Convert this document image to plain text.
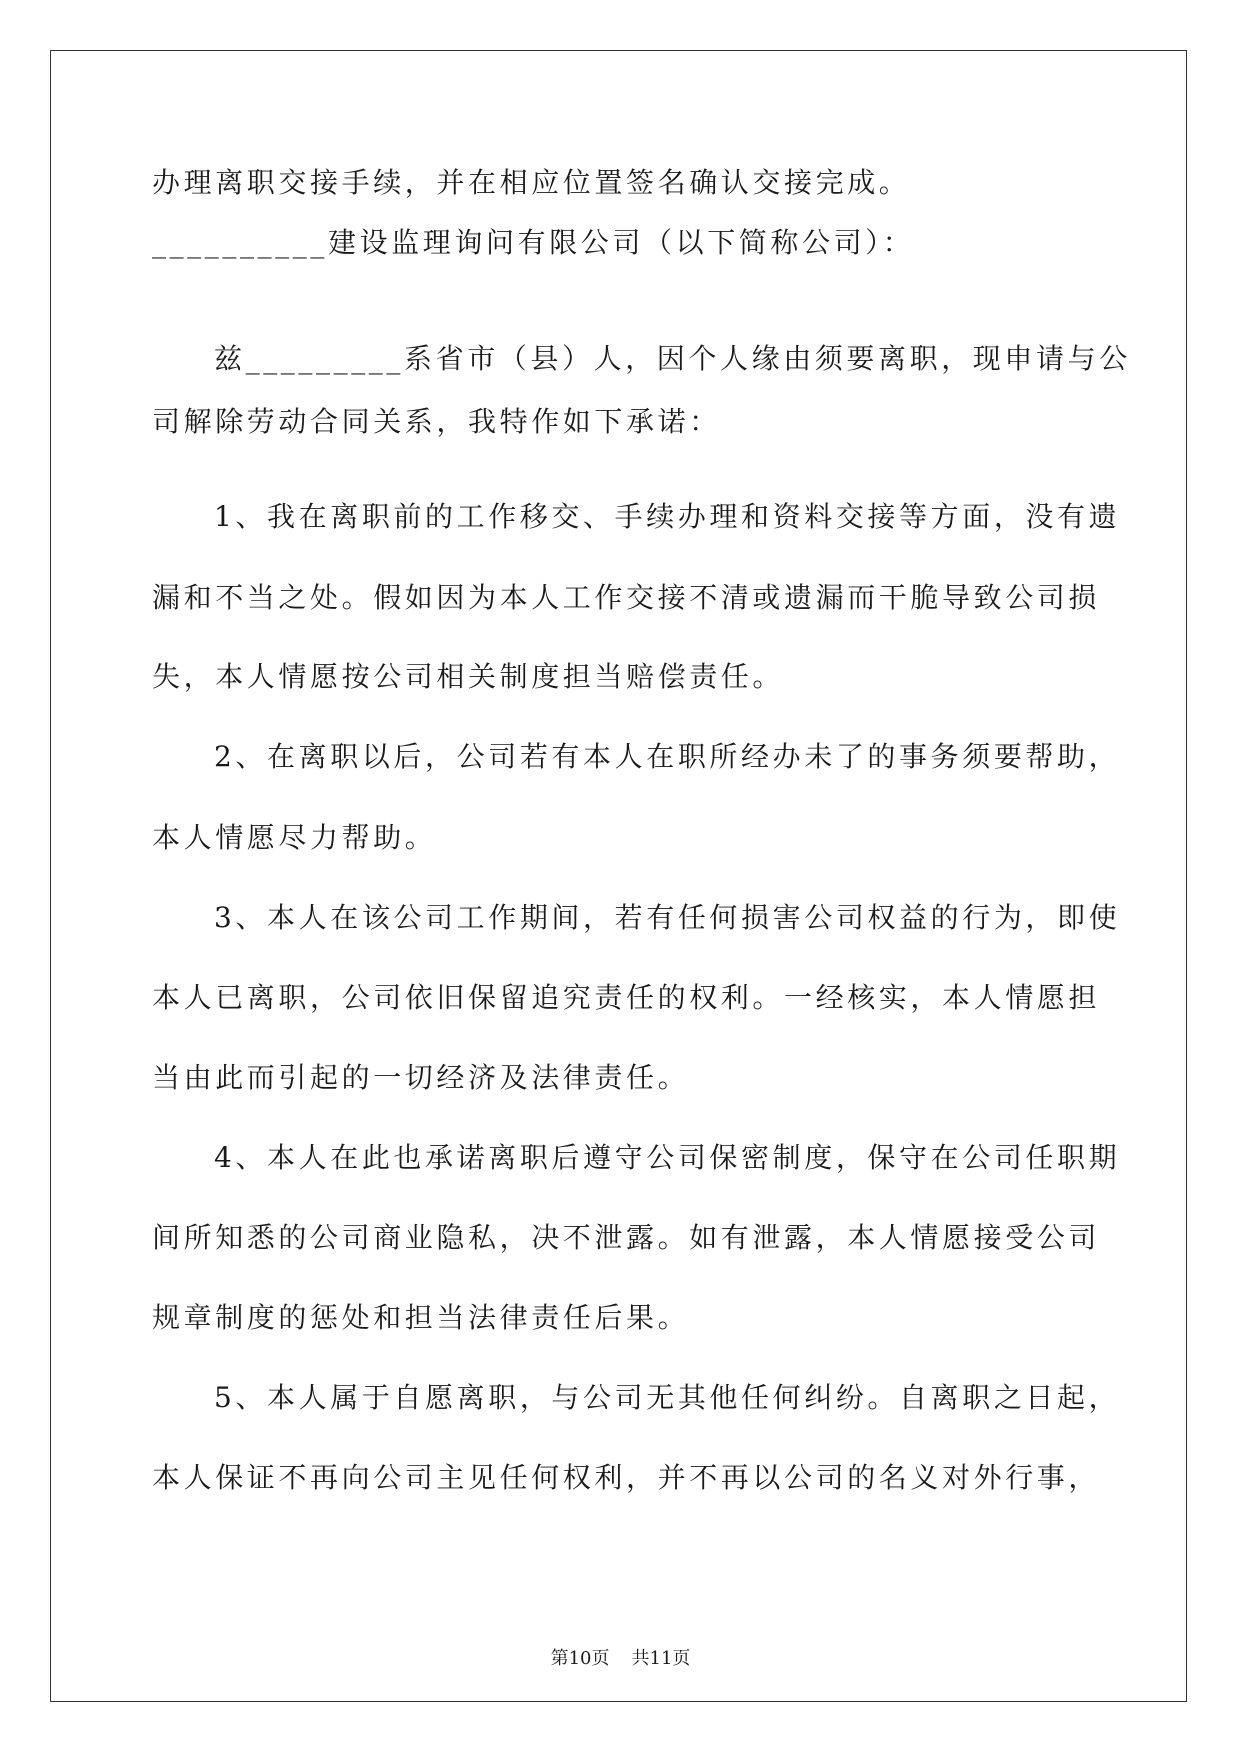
办理离职交接手续，并在相应位置签名确认交接完成。
__________建设监理询问有限公司（以下简称公司）：
兹_________系省市（县）人，因个人缘由须要离职，现申请与公
司解除劳动合同关系，我特作如下承诺：
1、我在离职前的工作移交、手续办理和资料交接等方面，没有遗
漏和不当之处。假如因为本人工作交接不清或遗漏而干脆导致公司损
失，本人情愿按公司相关制度担当赔偿责任。
2、在离职以后，公司若有本人在职所经办未了的事务须要帮助，
本人情愿尽力帮助。
3、本人在该公司工作期间，若有任何损害公司权益的行为，即使
本人已离职，公司依旧保留追究责任的权利。一经核实，本人情愿担
当由此而引起的一切经济及法律责任。
4、本人在此也承诺离职后遵守公司保密制度，保守在公司任职期
间所知悉的公司商业隐私，决不泄露。如有泄露，本人情愿接受公司
规章制度的惩处和担当法律责任后果。
5、本人属于自愿离职，与公司无其他任何纠纷。自离职之日起，
本人保证不再向公司主见任何权利，并不再以公司的名义对外行事，
第10页 共11页
